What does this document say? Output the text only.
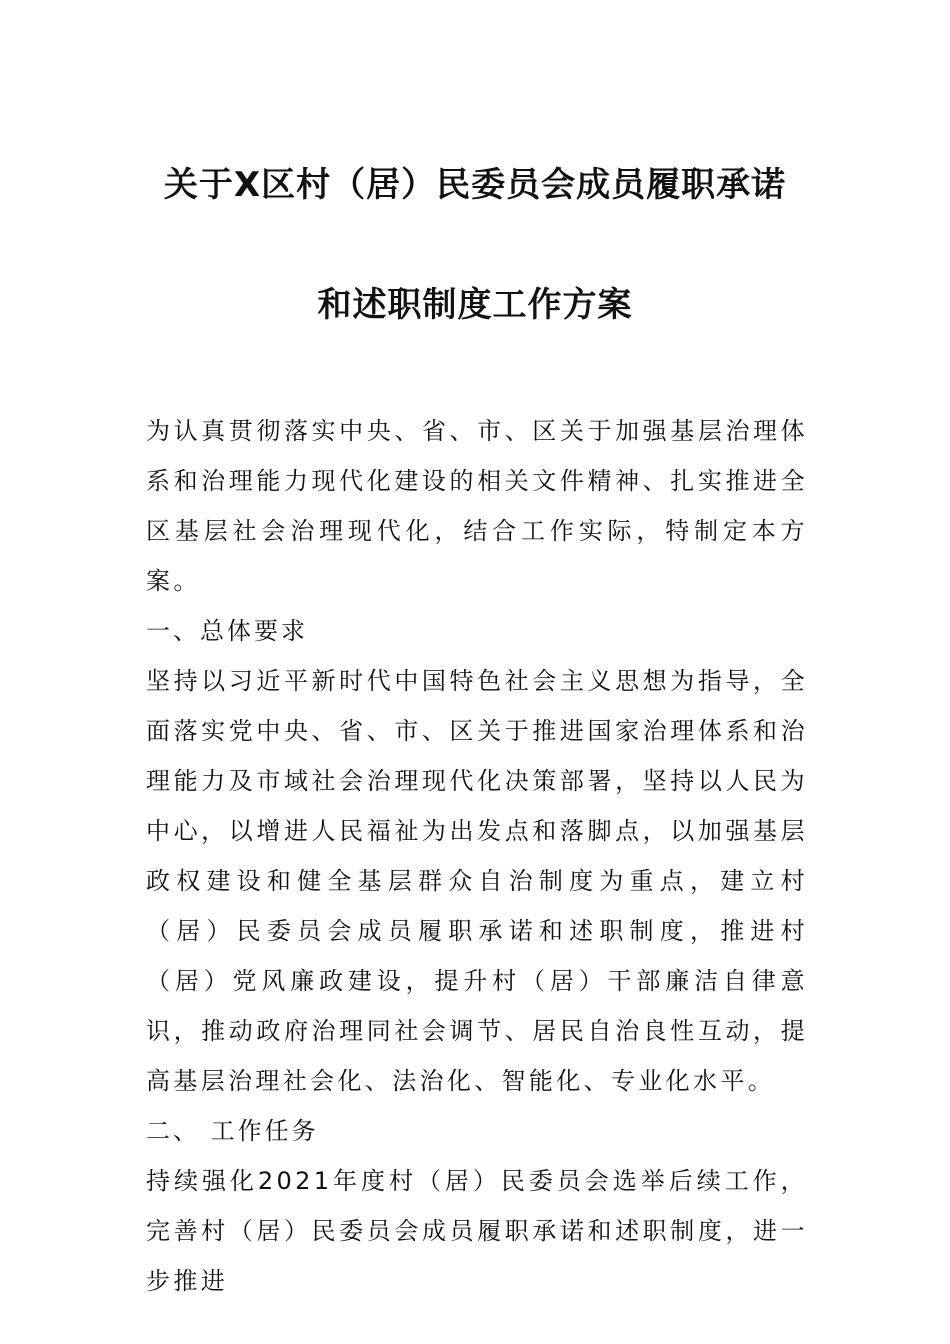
关于X区村（居）民委员会成员履职承诺
和述职制度工作方案

为认真贯彻落实中央、省、市、区关于加强基层治理体系和治理能力现代化建设的相关文件精神、扎实推进全区基层社会治理现代化，结合工作实际，特制定本方案。

一、总体要求

坚持以习近平新时代中国特色社会主义思想为指导，全面落实党中央、省、市、区关于推进国家治理体系和治理能力及市域社会治理现代化决策部署，坚持以人民为中心，以增进人民福祉为出发点和落脚点，以加强基层政权建设和健全基层群众自治制度为重点，建立村（居）民委员会成员履职承诺和述职制度，推进村（居）党风廉政建设，提升村（居）干部廉洁自律意识，推动政府治理同社会调节、居民自治良性互动，提高基层治理社会化、法治化、智能化、专业化水平。

二、 工作任务

持续强化2021年度村（居）民委员会选举后续工作，完善村（居）民委员会成员履职承诺和述职制度，进一步推进
